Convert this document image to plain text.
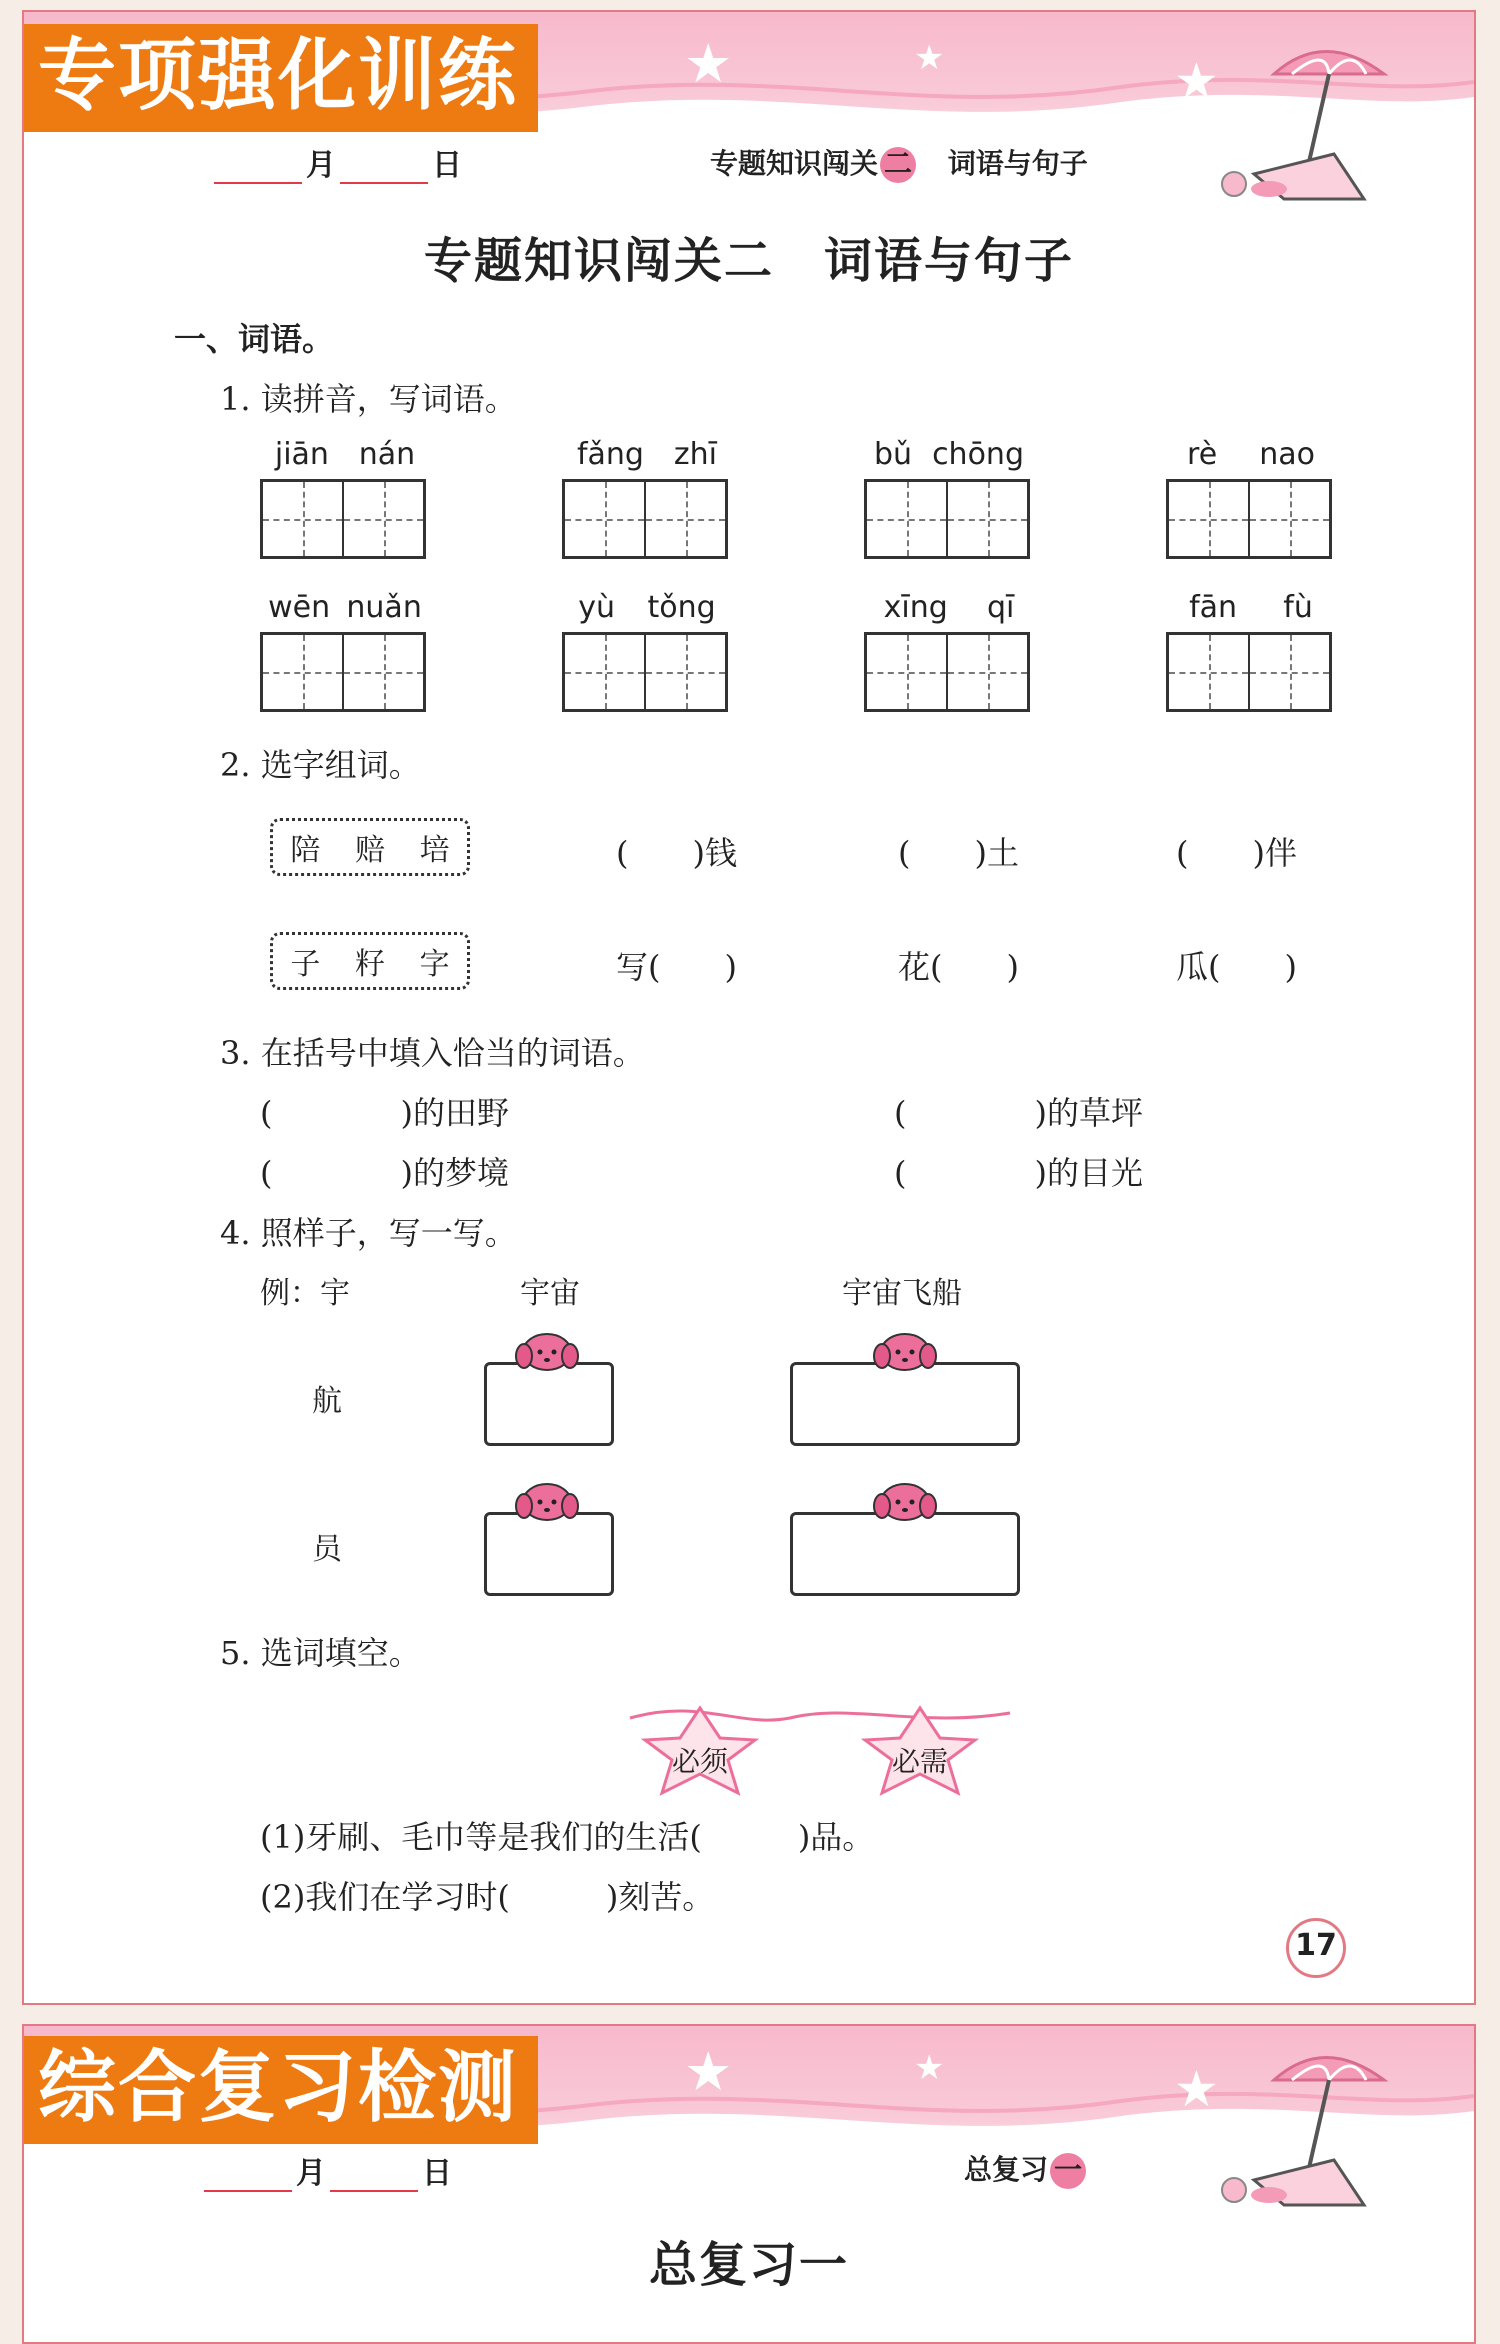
★	★	★
专项强化训练
月	日	专题知识闯关 二 词语与句子
专题知识闯关二　词语与句子
一、词语。
1. 读拼音，写词语。
jiān nán	fǎng zhī	bǔ chōng	rè nao
wēn nuǎn	yù tǒng	xīng qī	fān fù
2. 选字组词。
陪 赔 培	(　　)钱	(　　)土	(　　)伴
子 籽 字	写(　　)	花(　　)	瓜(　　)
3. 在括号中填入恰当的词语。
(　　　　)的田野	(　　　　)的草坪
(　　　　)的梦境	(　　　　)的目光
4. 照样子，写一写。
例：宇	宇宙	宇宙飞船
航
员
5. 选词填空。
必须	必需
(1)牙刷、毛巾等是我们的生活(　　　)品。
(2)我们在学习时(　　　)刻苦。
17
★	★	★
综合复习检测
月	日	总复习 一
总复习一
